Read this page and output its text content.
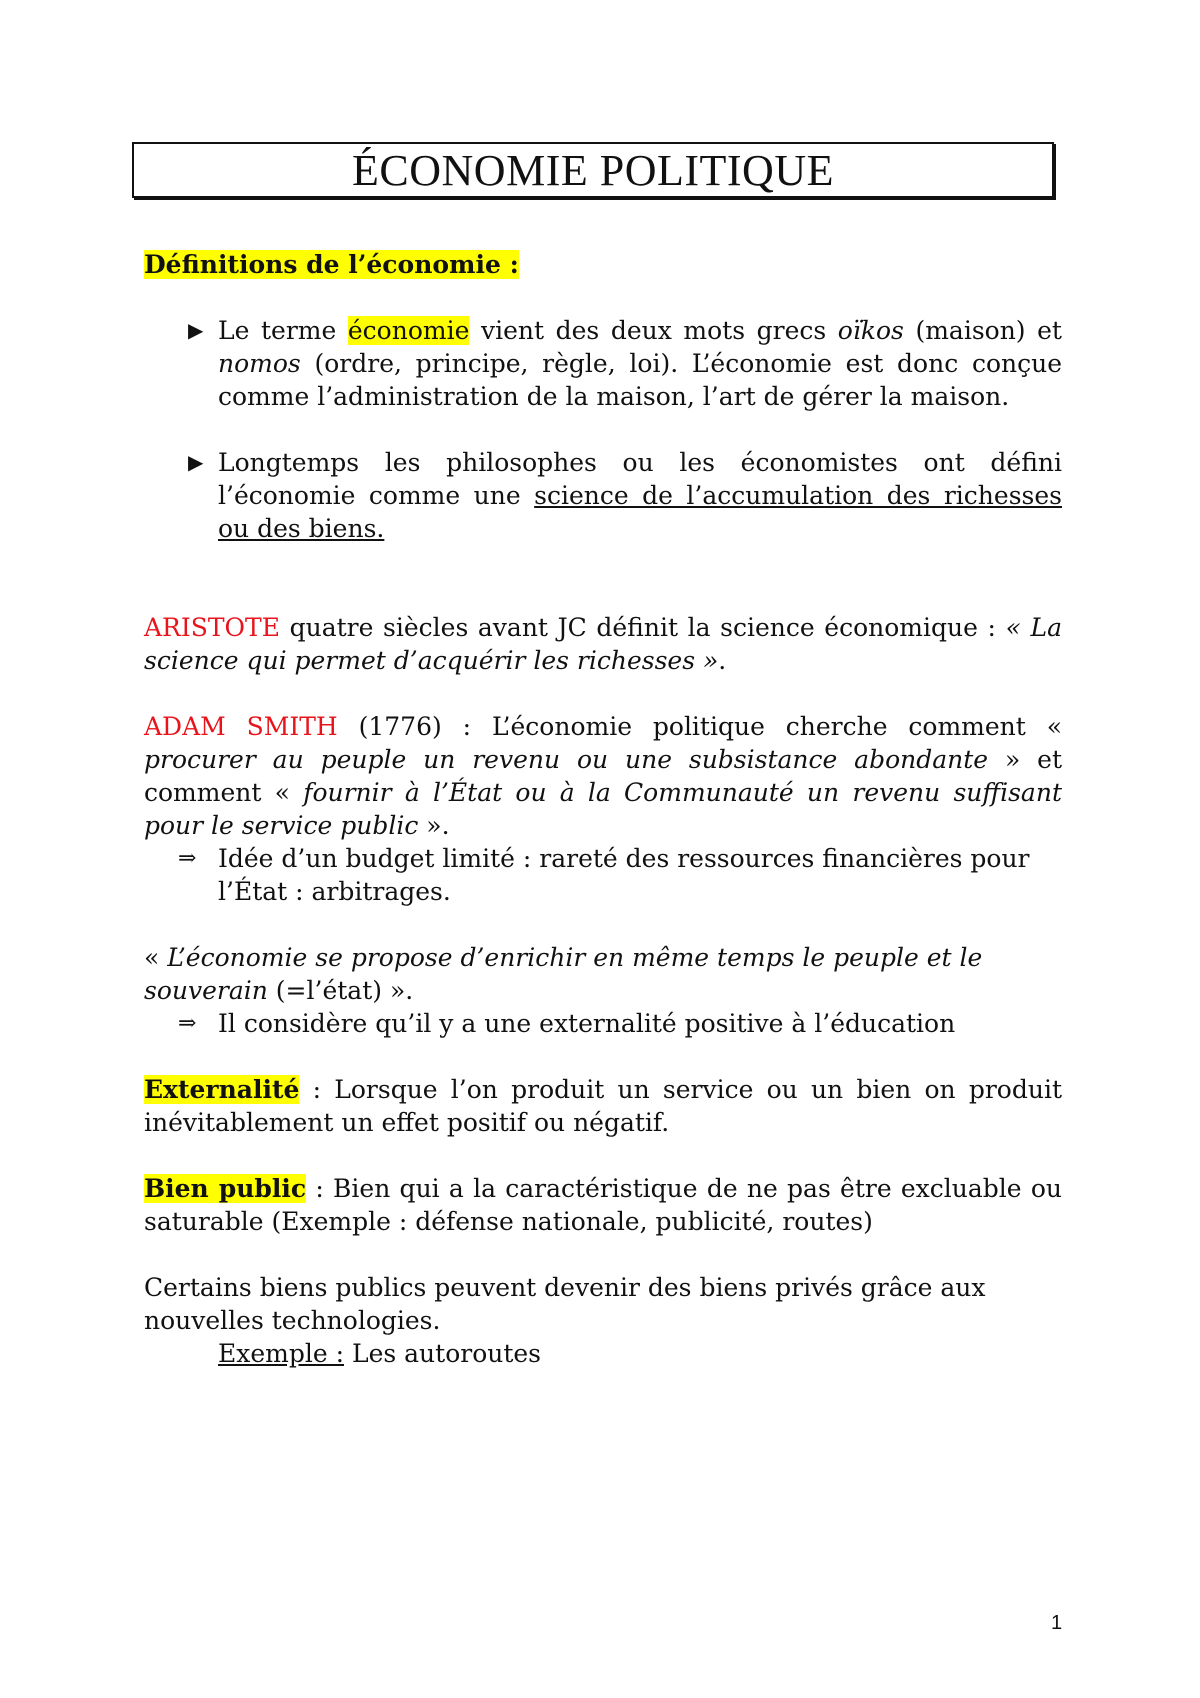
ÉCONOMIE POLITIQUE

Définitions de l’économie :

▶ Le terme économie vient des deux mots grecs oïkos (maison) et nomos (ordre, principe, règle, loi). L’économie est donc conçue comme l’administration de la maison, l’art de gérer la maison.

▶ Longtemps les philosophes ou les économistes ont défini l’économie comme une science de l’accumulation des richesses ou des biens.

ARISTOTE quatre siècles avant JC définit la science économique : « La science qui permet d’acquérir les richesses ».

ADAM SMITH (1776) : L’économie politique cherche comment « procurer au peuple un revenu ou une subsistance abondante » et comment « fournir à l’État ou à la Communauté un revenu suffisant pour le service public ».

⇒ Idée d’un budget limité : rareté des ressources financières pour l’État : arbitrages.

« L’économie se propose d’enrichir en même temps le peuple et le souverain (=l’état) ».

⇒ Il considère qu’il y a une externalité positive à l’éducation

Externalité : Lorsque l’on produit un service ou un bien on produit inévitablement un effet positif ou négatif.

Bien public : Bien qui a la caractéristique de ne pas être excluable ou saturable (Exemple : défense nationale, publicité, routes)

Certains biens publics peuvent devenir des biens privés grâce aux nouvelles technologies.

Exemple : Les autoroutes

1
